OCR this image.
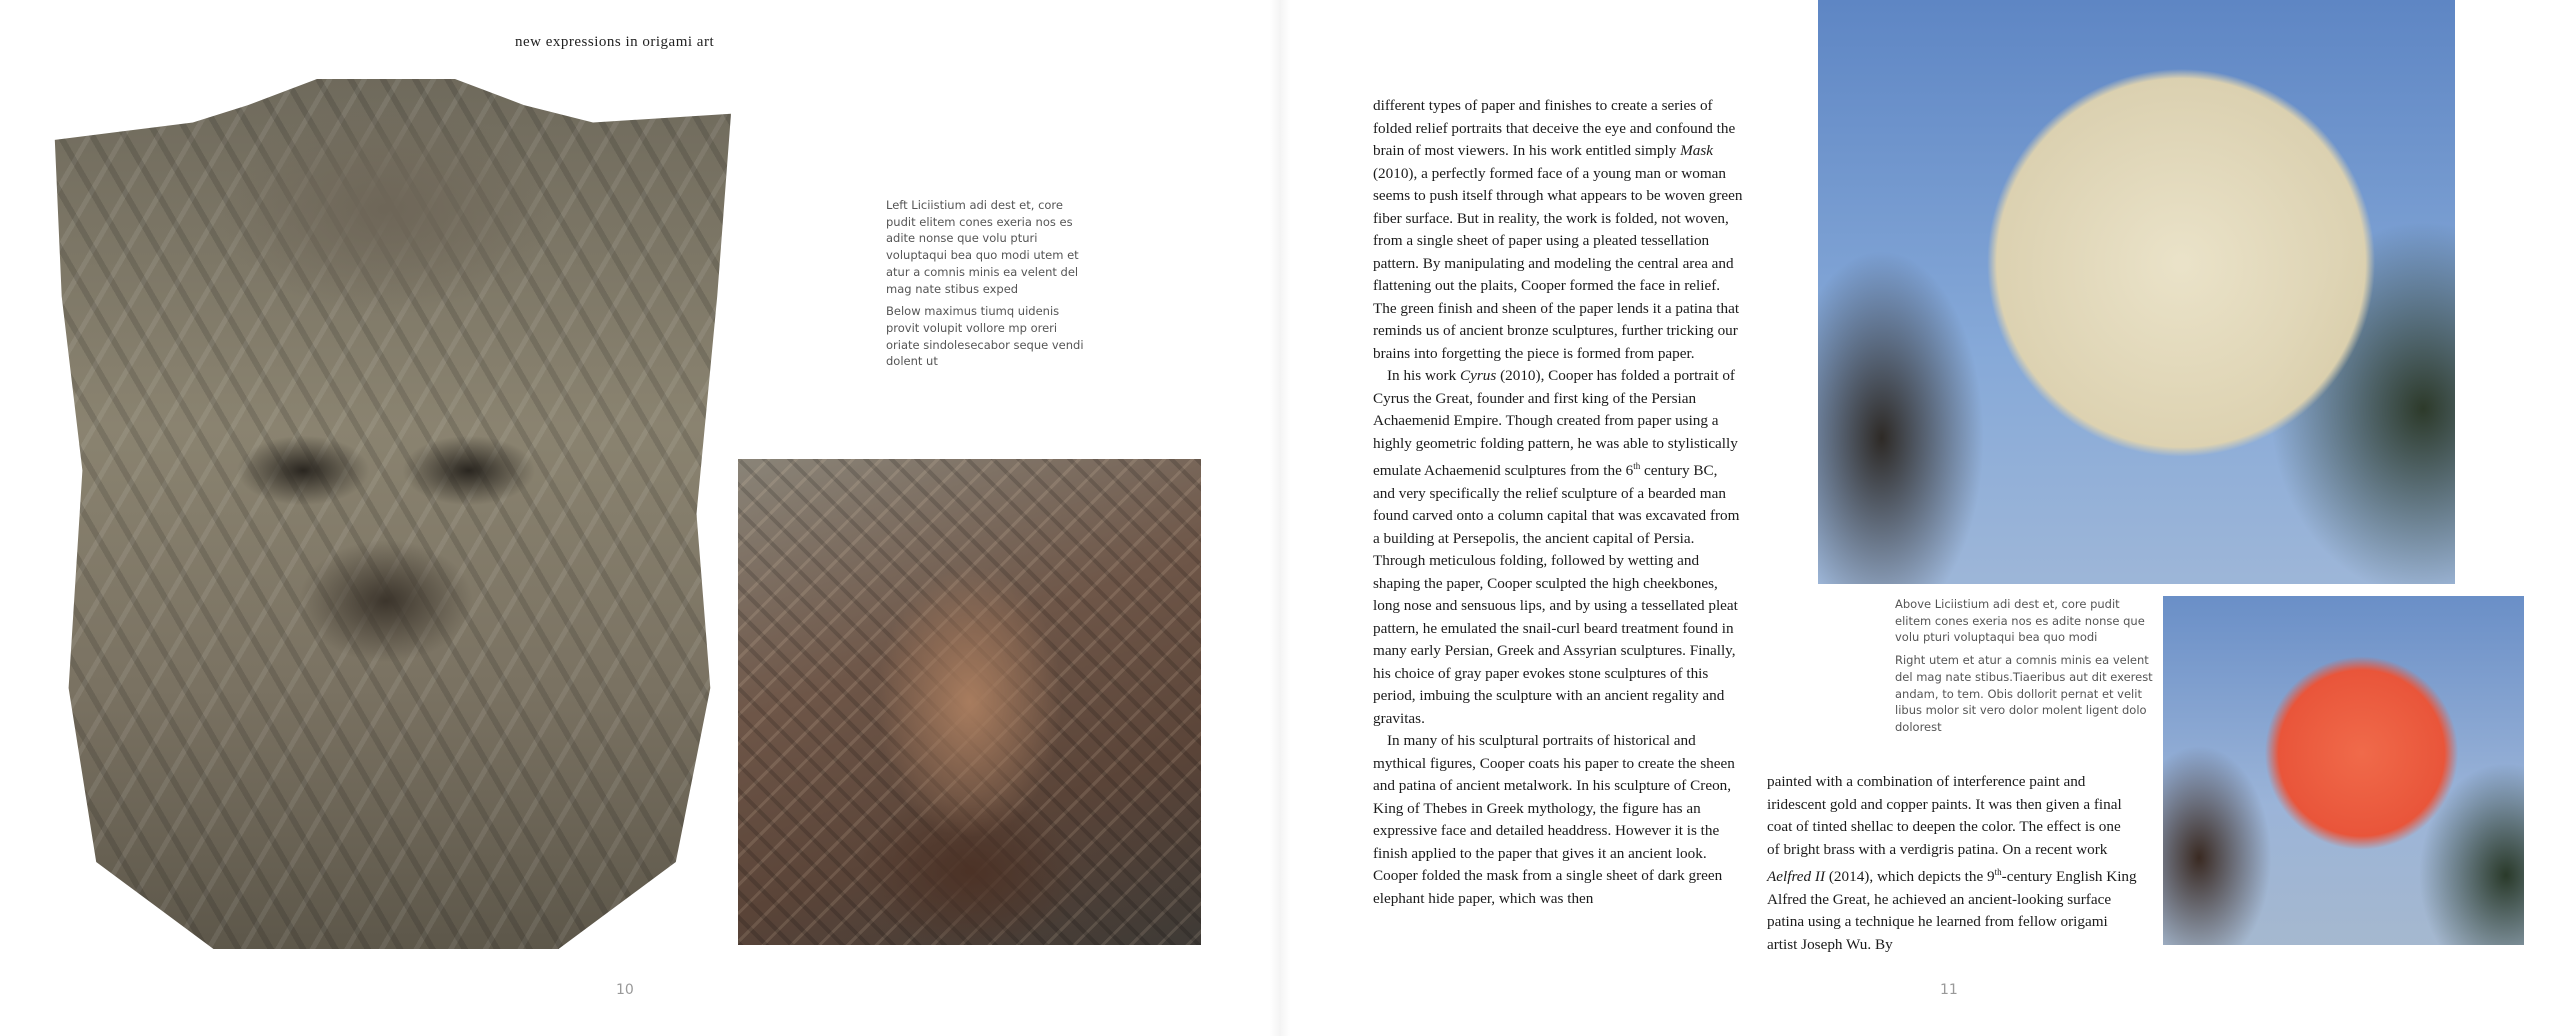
new expressions in origami art

Left Liciistium adi dest et, core pudit elitem cones exeria nos es adite nonse que volu pturi voluptaqui bea quo modi utem et atur a comnis minis ea velent del mag nate stibus exped

Below maximus tiumq uidenis provit volupit vollore mp oreri oriate sindolesecabor seque vendi dolent ut

10

different types of paper and finishes to create a series of folded relief portraits that deceive the eye and confound the brain of most viewers. In his work entitled simply Mask (2010), a perfectly formed face of a young man or woman seems to push itself through what appears to be woven green fiber surface. But in reality, the work is folded, not woven, from a single sheet of paper using a pleated tessellation pattern. By manipulating and modeling the central area and flattening out the plaits, Cooper formed the face in relief. The green finish and sheen of the paper lends it a patina that reminds us of ancient bronze sculptures, further tricking our brains into forgetting the piece is formed from paper.

In his work Cyrus (2010), Cooper has folded a portrait of Cyrus the Great, founder and first king of the Persian Achaemenid Empire. Though created from paper using a highly geometric folding pattern, he was able to stylistically emulate Achaemenid sculptures from the 6th century BC, and very specifically the relief sculpture of a bearded man found carved onto a column capital that was excavated from a building at Persepolis, the ancient capital of Persia. Through meticulous folding, followed by wetting and shaping the paper, Cooper sculpted the high cheekbones, long nose and sensuous lips, and by using a tessellated pleat pattern, he emulated the snail-curl beard treatment found in many early Persian, Greek and Assyrian sculptures. Finally, his choice of gray paper evokes stone sculptures of this period, imbuing the sculpture with an ancient regality and gravitas.

In many of his sculptural portraits of historical and mythical figures, Cooper coats his paper to create the sheen and patina of ancient metalwork. In his sculpture of Creon, King of Thebes in Greek mythology, the figure has an expressive face and detailed headdress. However it is the finish applied to the paper that gives it an ancient look. Cooper folded the mask from a single sheet of dark green elephant hide paper, which was then

painted with a combination of interference paint and iridescent gold and copper paints. It was then given a final coat of tinted shellac to deepen the color. The effect is one of bright brass with a verdigris patina. On a recent work Aelfred II (2014), which depicts the 9th-century English King Alfred the Great, he achieved an ancient-looking surface patina using a technique he learned from fellow origami artist Joseph Wu. By

Above Liciistium adi dest et, core pudit elitem cones exeria nos es adite nonse que volu pturi voluptaqui bea quo modi

Right utem et atur a comnis minis ea velent del mag nate stibus.Tiaeribus aut dit exerest andam, to tem. Obis dollorit pernat et velit libus molor sit vero dolor molent ligent dolo dolorest

11
